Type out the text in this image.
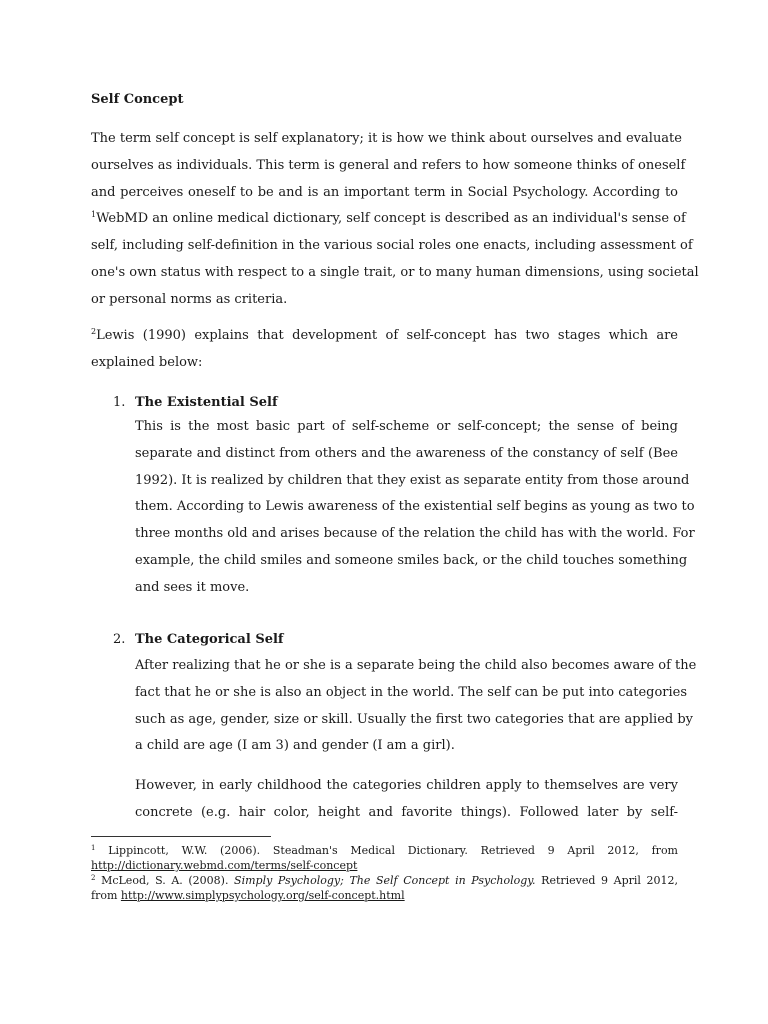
Self Concept
The term self concept is self explanatory; it is how we think about ourselves and evaluate
ourselves as individuals. This term is general and refers to how someone thinks of oneself
and perceives oneself to be and is an important term in Social Psychology. According to
$^1$WebMD an online medical dictionary, self concept is described as an individual's sense of
self, including self-definition in the various social roles one enacts, including assessment of
one's own status with respect to a single trait, or to many human dimensions, using societal
or personal norms as criteria.
$^2$Lewis (1990) explains that development of self-concept has two stages which are
explained below:
1. The Existential Self
This is the most basic part of self-scheme or self-concept; the sense of being
separate and distinct from others and the awareness of the constancy of self (Bee
1992). It is realized by children that they exist as separate entity from those around
them. According to Lewis awareness of the existential self begins as young as two to
three months old and arises because of the relation the child has with the world. For
example, the child smiles and someone smiles back, or the child touches something
and sees it move.
2. The Categorical Self
After realizing that he or she is a separate being the child also becomes aware of the
fact that he or she is also an object in the world. The self can be put into categories
such as age, gender, size or skill. Usually the first two categories that are applied by
a child are age (I am 3) and gender (I am a girl).
However, in early childhood the categories children apply to themselves are very
concrete (e.g. hair color, height and favorite things). Followed later by self-
$^1$ Lippincott, W.W. (2006). Steadman's Medical Dictionary. Retrieved 9 April 2012, from
http://dictionary.webmd.com/terms/self-concept
$^2$ McLeod, S. A. (2008). Simply Psychology; The Self Concept in Psychology. Retrieved 9 April 2012,
from http://www.simplypsychology.org/self-concept.html
